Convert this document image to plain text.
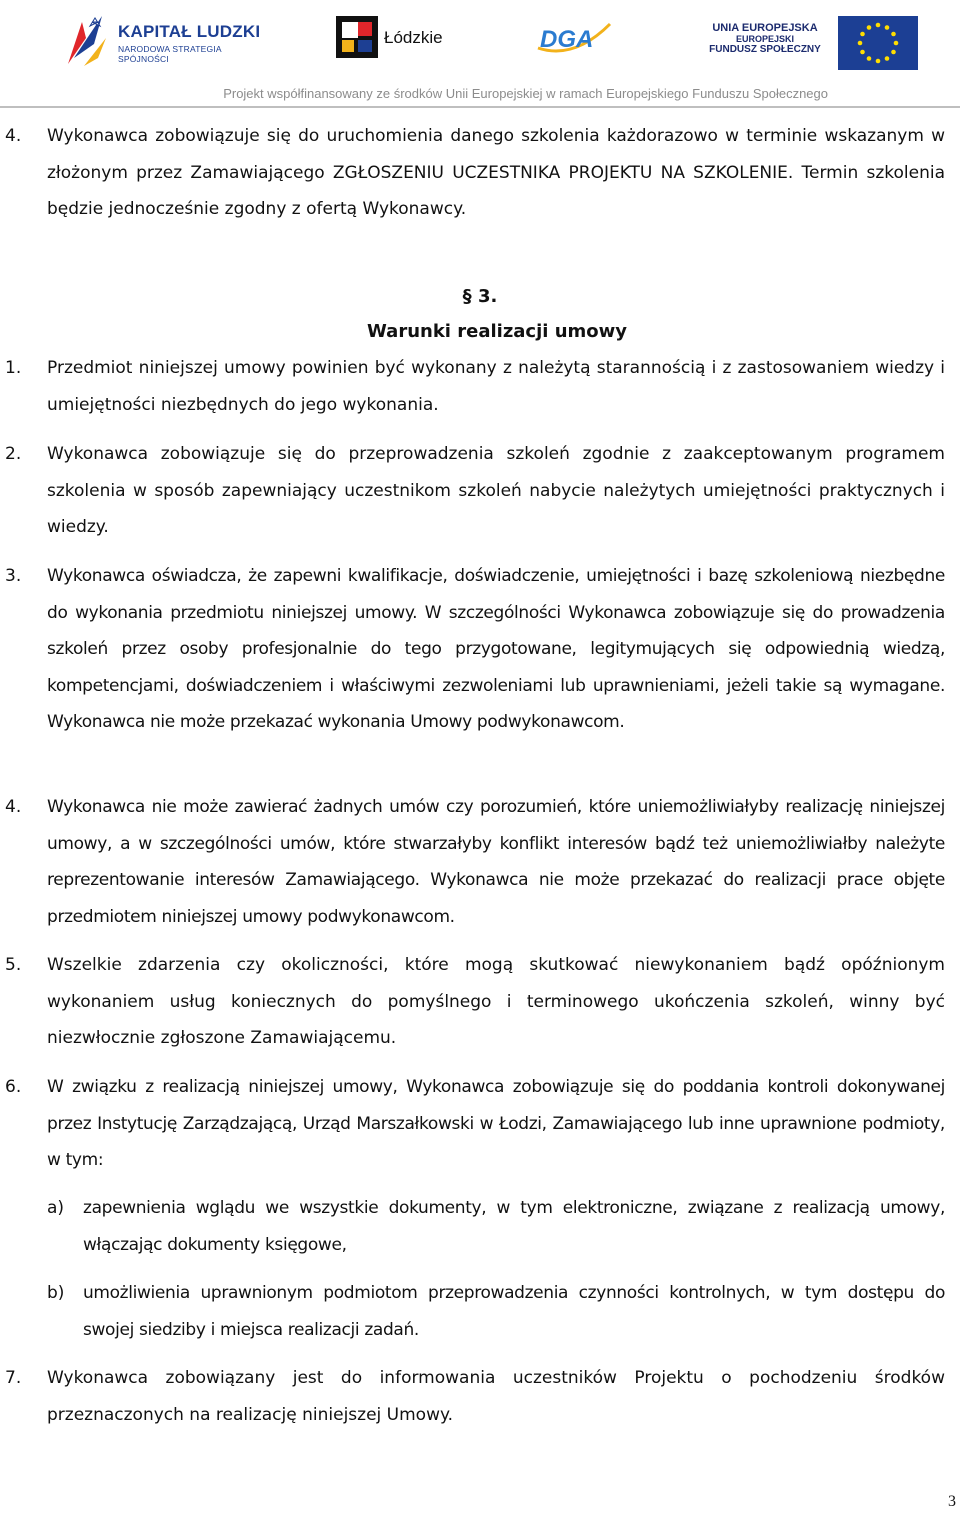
KAPITAŁ LUDZKI
NARODOWA STRATEGIA SPÓJNOŚCI
Łódzkie	DGA	UNIA EUROPEJSKA
EUROPEJSKI
FUNDUSZ SPOŁECZNY
Projekt współfinansowany ze środków Unii Europejskiej w ramach Europejskiego Funduszu Społecznego
4. Wykonawca zobowiązuje się do uruchomienia danego szkolenia każdorazowo w terminie wskazanym w złożonym przez Zamawiającego ZGŁOSZENIU UCZESTNIKA PROJEKTU NA SZKOLENIE. Termin szkolenia będzie jednocześnie zgodny z ofertą Wykonawcy.
§ 3.
Warunki realizacji umowy
1. Przedmiot niniejszej umowy powinien być wykonany z należytą starannością i z zastosowaniem wiedzy i umiejętności niezbędnych do jego wykonania.
2. Wykonawca zobowiązuje się do przeprowadzenia szkoleń zgodnie z zaakceptowanym programem szkolenia w sposób zapewniający uczestnikom szkoleń nabycie należytych umiejętności praktycznych i wiedzy.
3. Wykonawca oświadcza, że zapewni kwalifikacje, doświadczenie, umiejętności i bazę szkoleniową niezbędne do wykonania przedmiotu niniejszej umowy. W szczególności Wykonawca zobowiązuje się do prowadzenia szkoleń przez osoby profesjonalnie do tego przygotowane, legitymujących się odpowiednią wiedzą, kompetencjami, doświadczeniem i właściwymi zezwoleniami lub uprawnieniami, jeżeli takie są wymagane. Wykonawca nie może przekazać wykonania Umowy podwykonawcom.
4. Wykonawca nie może zawierać żadnych umów czy porozumień, które uniemożliwiałyby realizację niniejszej umowy, a w szczególności umów, które stwarzałyby konflikt interesów bądź też uniemożliwiałby należyte reprezentowanie interesów Zamawiającego. Wykonawca nie może przekazać do realizacji prace objęte przedmiotem niniejszej umowy podwykonawcom.
5. Wszelkie zdarzenia czy okoliczności, które mogą skutkować niewykonaniem bądź opóźnionym wykonaniem usług koniecznych do pomyślnego i terminowego ukończenia szkoleń, winny być niezwłocznie zgłoszone Zamawiającemu.
6. W związku z realizacją niniejszej umowy, Wykonawca zobowiązuje się do poddania kontroli dokonywanej przez Instytucję Zarządzającą, Urząd Marszałkowski w Łodzi, Zamawiającego lub inne uprawnione podmioty, w tym:
a) zapewnienia wglądu we wszystkie dokumenty, w tym elektroniczne, związane z realizacją umowy, włączając dokumenty księgowe,
b) umożliwienia uprawnionym podmiotom przeprowadzenia czynności kontrolnych, w tym dostępu do swojej siedziby i miejsca realizacji zadań.
7. Wykonawca zobowiązany jest do informowania uczestników Projektu o pochodzeniu środków przeznaczonych na realizację niniejszej Umowy.
3
